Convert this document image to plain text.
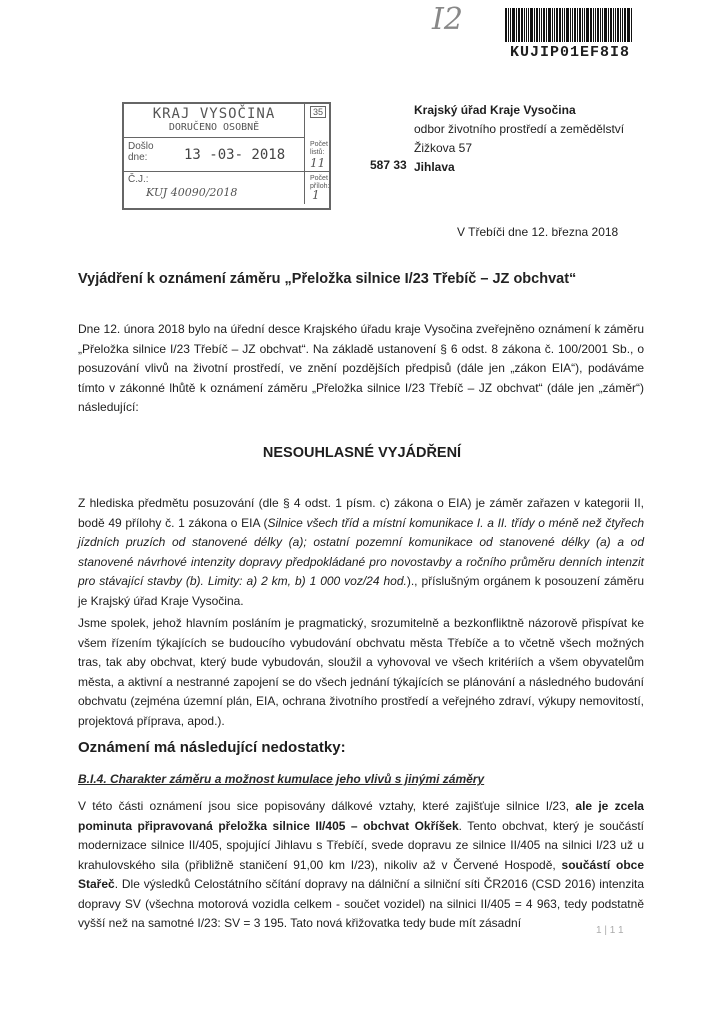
I2
KUJIP01EF8I8
KRAJ VYSOČINA
DORUČENO OSOBNĚ
35
Došlo
dne:	13 -03- 2018
Počet listů:
11
Č.J.:
KUJ 40090/2018
Počet příloh:
1
Krajský úřad Kraje Vysočina
odbor životního prostředí a zemědělství
Žižkova 57
Jihlava
587 33
V Třebíči dne 12. března 2018
Vyjádření k oznámení záměru „Přeložka silnice I/23 Třebíč – JZ obchvat“
Dne 12. února 2018 bylo na úřední desce Krajského úřadu kraje Vysočina zveřejněno oznámení k záměru „Přeložka silnice I/23 Třebíč – JZ obchvat“. Na základě ustanovení § 6 odst. 8 zákona č. 100/2001 Sb., o posuzování vlivů na životní prostředí, ve znění pozdějších předpisů (dále jen „zákon EIA“), podáváme tímto v zákonné lhůtě k oznámení záměru „Přeložka silnice I/23 Třebíč – JZ obchvat“ (dále jen „záměr“) následující:
NESOUHLASNÉ VYJÁDŘENÍ
Z hlediska předmětu posuzování (dle § 4 odst. 1 písm. c) zákona o EIA) je záměr zařazen v kategorii II, bodě 49 přílohy č. 1 zákona o EIA (Silnice všech tříd a místní komunikace I. a II. třídy o méně než čtyřech jízdních pruzích od stanovené délky (a); ostatní pozemní komunikace od stanovené délky (a) a od stanovené návrhové intenzity dopravy předpokládané pro novostavby a ročního průměru denních intenzit pro stávající stavby (b). Limity: a) 2 km, b) 1 000 voz/24 hod.)., příslušným orgánem k posouzení záměru je Krajský úřad Kraje Vysočina.
Jsme spolek, jehož hlavním posláním je pragmatický, srozumitelně a bezkonfliktně názorově přispívat ke všem řízením týkajících se budoucího vybudování obchvatu města Třebíče a to včetně všech možných tras, tak aby obchvat, který bude vybudován, sloužil a vyhovoval ve všech kritériích a všem obyvatelům města, a aktivní a nestranné zapojení se do všech jednání týkajících se plánování a následného budování obchvatu (zejména územní plán, EIA, ochrana životního prostředí a veřejného zdraví, výkupy nemovitostí, projektová příprava, apod.).
Oznámení má následující nedostatky:
B.I.4. Charakter záměru a možnost kumulace jeho vlivů s jinými záměry
V této části oznámení jsou sice popisovány dálkové vztahy, které zajišťuje silnice I/23, ale je zcela pominuta připravovaná přeložka silnice II/405 – obchvat Okříšek. Tento obchvat, který je součástí modernizace silnice II/405, spojující Jihlavu s Třebíčí, svede dopravu ze silnice II/405 na silnici I/23 už u krahulovského sila (přibližně staničení 91,00 km I/23), nikoliv až v Červené Hospodě, součástí obce Stařeč. Dle výsledků Celostátního sčítání dopravy na dálniční a silniční síti ČR2016 (CSD 2016) intenzita dopravy SV (všechna motorová vozidla celkem - součet vozidel) na silnici II/405 = 4 963, tedy podstatně vyšší než na samotné I/23: SV = 3 195. Tato nová křižovatka tedy bude mít zásadní
1 | 1 1
